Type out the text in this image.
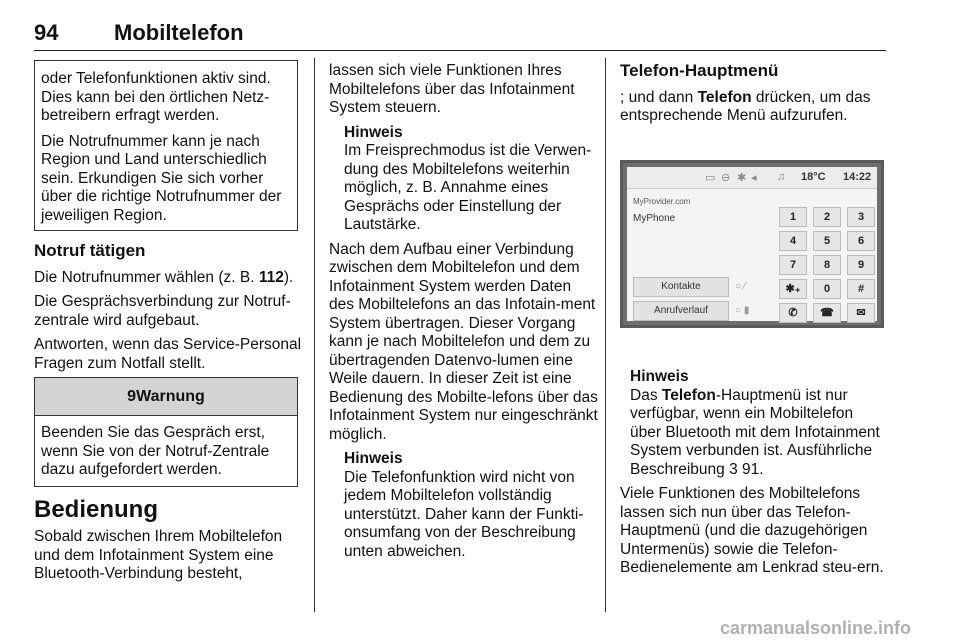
94	Mobiltelefon

oder Telefonfunktionen aktiv sind. Dies kann bei den örtlichen Netz-betreibern erfragt werden.

Die Notrufnummer kann je nach Region und Land unterschiedlich sein. Erkundigen Sie sich vorher über die richtige Notrufnummer der jeweiligen Region.

Notruf tätigen

Die Notrufnummer wählen (z. B. 112).

Die Gesprächsverbindung zur Notruf-zentrale wird aufgebaut.

Antworten, wenn das Service-Personal Fragen zum Notfall stellt.

9Warnung
Beenden Sie das Gespräch erst, wenn Sie von der Notruf-Zentrale dazu aufgefordert werden.

Bedienung

Sobald zwischen Ihrem Mobiltelefon und dem Infotainment System eine Bluetooth-Verbindung besteht,

lassen sich viele Funktionen Ihres Mobiltelefons über das Infotainment System steuern.

Hinweis
Im Freisprechmodus ist die Verwen-dung des Mobiltelefons weiterhin möglich, z. B. Annahme eines Gesprächs oder Einstellung der Lautstärke.

Nach dem Aufbau einer Verbindung zwischen dem Mobiltelefon und dem Infotainment System werden Daten des Mobiltelefons an das Infotain-ment System übertragen. Dieser Vorgang kann je nach Mobiltelefon und dem zu übertragenden Datenvo-lumen eine Weile dauern. In dieser Zeit ist eine Bedienung des Mobilte-lefons über das Infotainment System nur eingeschränkt möglich.

Hinweis
Die Telefonfunktion wird nicht von jedem Mobiltelefon vollständig unterstützt. Daher kann der Funkti-onsumfang von der Beschreibung unten abweichen.

Telefon-Hauptmenü

; und dann Telefon drücken, um das entsprechende Menü aufzurufen.

▭ ⊖ ✱ ◂ ♫ 18°C 14:22
MyProvider.com
MyPhone
Kontakte
Anrufverlauf
○ ⁄
○ ▮
1	2	3
4	5	6
7	8	9
✱₊	0	#
✆	☎	✉
Hinweis
Das Telefon-Hauptmenü ist nur verfügbar, wenn ein Mobiltelefon über Bluetooth mit dem Infotainment System verbunden ist. Ausführliche Beschreibung 3 91.

Viele Funktionen des Mobiltelefons lassen sich nun über das Telefon-Hauptmenü (und die dazugehörigen Untermenüs) sowie die Telefon-Bedienelemente am Lenkrad steu-ern.

carmanualsonline.info
